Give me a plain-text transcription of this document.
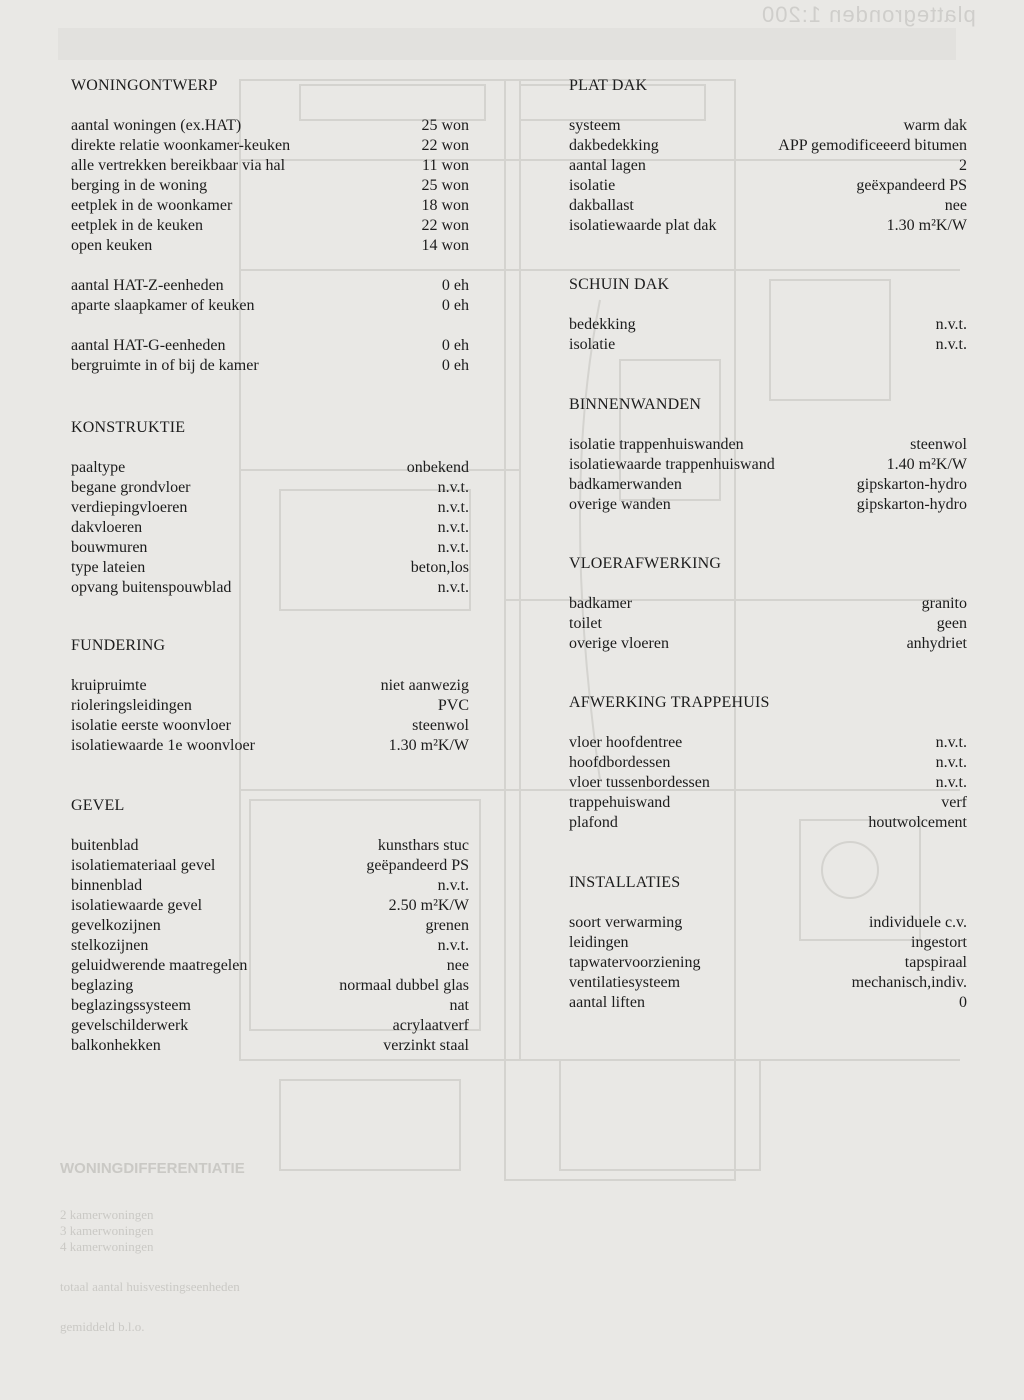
plattegronden 1:200
WONINGONTWERP
aantal woningen (ex.HAT)	25 won
direkte relatie woonkamer-keuken	22 won
alle vertrekken bereikbaar via hal	11 won
berging in de woning	25 won
eetplek in de woonkamer	18 won
eetplek in de keuken	22 won
open keuken	14 won
aantal HAT-Z-eenheden	0 eh
aparte slaapkamer of keuken	0 eh
aantal HAT-G-eenheden	0 eh
bergruimte in of bij de kamer	0 eh
KONSTRUKTIE
paaltype	onbekend
begane grondvloer	n.v.t.
verdiepingvloeren	n.v.t.
dakvloeren	n.v.t.
bouwmuren	n.v.t.
type lateien	beton,los
opvang buitenspouwblad	n.v.t.
FUNDERING
kruipruimte	niet aanwezig
rioleringsleidingen	PVC
isolatie eerste woonvloer	steenwol
isolatiewaarde 1e woonvloer	1.30 m²K/W
GEVEL
buitenblad	kunsthars stuc
isolatiemateriaal gevel	geëpandeerd PS
binnenblad	n.v.t.
isolatiewaarde gevel	2.50 m²K/W
gevelkozijnen	grenen
stelkozijnen	n.v.t.
geluidwerende maatregelen	nee
beglazing	normaal dubbel glas
beglazingssysteem	nat
gevelschilderwerk	acrylaatverf
balkonhekken	verzinkt staal
PLAT DAK
systeem	warm dak
dakbedekking	APP gemodificeeerd bitumen
aantal lagen	2
isolatie	geëxpandeerd PS
dakballast	nee
isolatiewaarde plat dak	1.30 m²K/W
SCHUIN DAK
bedekking	n.v.t.
isolatie	n.v.t.
BINNENWANDEN
isolatie trappenhuiswanden	steenwol
isolatiewaarde trappenhuiswand	1.40 m²K/W
badkamerwanden	gipskarton-hydro
overige wanden	gipskarton-hydro
VLOERAFWERKING
badkamer	granito
toilet	geen
overige vloeren	anhydriet
AFWERKING TRAPPEHUIS
vloer hoofdentree	n.v.t.
hoofdbordessen	n.v.t.
vloer tussenbordessen	n.v.t.
trappehuiswand	verf
plafond	houtwolcement
INSTALLATIES
soort verwarming	individuele c.v.
leidingen	ingestort
tapwatervoorziening	tapspiraal
ventilatiesysteem	mechanisch,indiv.
aantal liften	0
WONINGDIFFERENTIATIE
2 kamerwoningen
3 kamerwoningen
4 kamerwoningen
totaal aantal huisvestingseenheden
gemiddeld b.l.o.
